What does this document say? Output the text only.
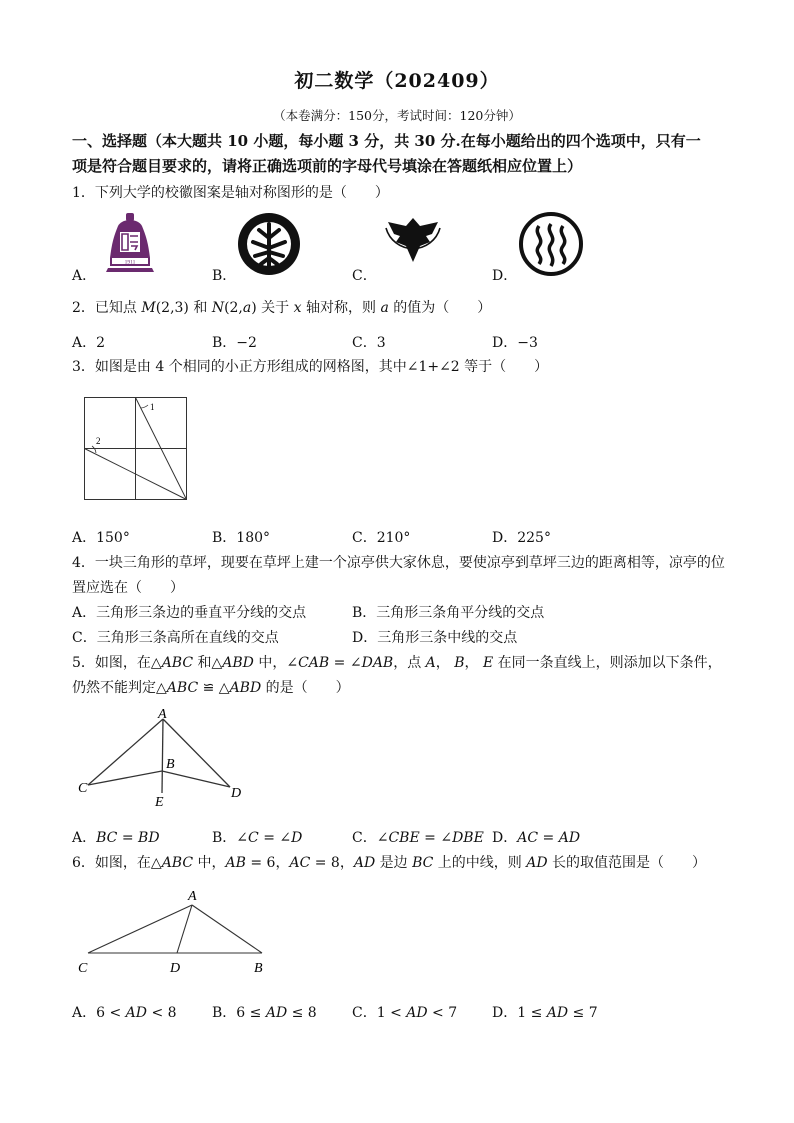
初二数学（202409）
（本卷满分：150分，考试时间：120分钟）
一、选择题（本大题共 10 小题，每小题 3 分，共 30 分.在每小题给出的四个选项中，只有一
项是符合题目要求的，请将正确选项前的字母代号填涂在答题纸相应位置上）
1．下列大学的校徽图案是轴对称图形的是（　　）
1911
A．	B．	C．	D．
2．已知点 M(2,3) 和 N(2,a) 关于 x 轴对称，则 a 的值为（　　）
A．2	B．−2	C．3	D．−3
3．如图是由 4 个相同的小正方形组成的网格图，其中∠1+∠2 等于（　　）
1
2
A．150°	B．180°	C．210°	D．225°
4．一块三角形的草坪，现要在草坪上建一个凉亭供大家休息，要使凉亭到草坪三边的距离相等，凉亭的位
置应选在（　　）
A．三角形三条边的垂直平分线的交点	B．三角形三条角平分线的交点
C．三角形三条高所在直线的交点	D．三角形三条中线的交点
5．如图，在△ABC 和△ABD 中，∠CAB = ∠DAB，点 A， B， E 在同一条直线上，则添加以下条件，
仍然不能判定△ABC ≌ △ABD 的是（　　）
A
B
C
E
D
A．BC = BD	B．∠C = ∠D	C．∠CBE = ∠DBE D．AC = AD
6．如图，在△ABC 中，AB = 6，AC = 8，AD 是边 BC 上的中线，则 AD 长的取值范围是（　　）
A
C	D	B
A．6 < AD < 8	B．6 ≤ AD ≤ 8	C．1 < AD < 7 D．1 ≤ AD ≤ 7
